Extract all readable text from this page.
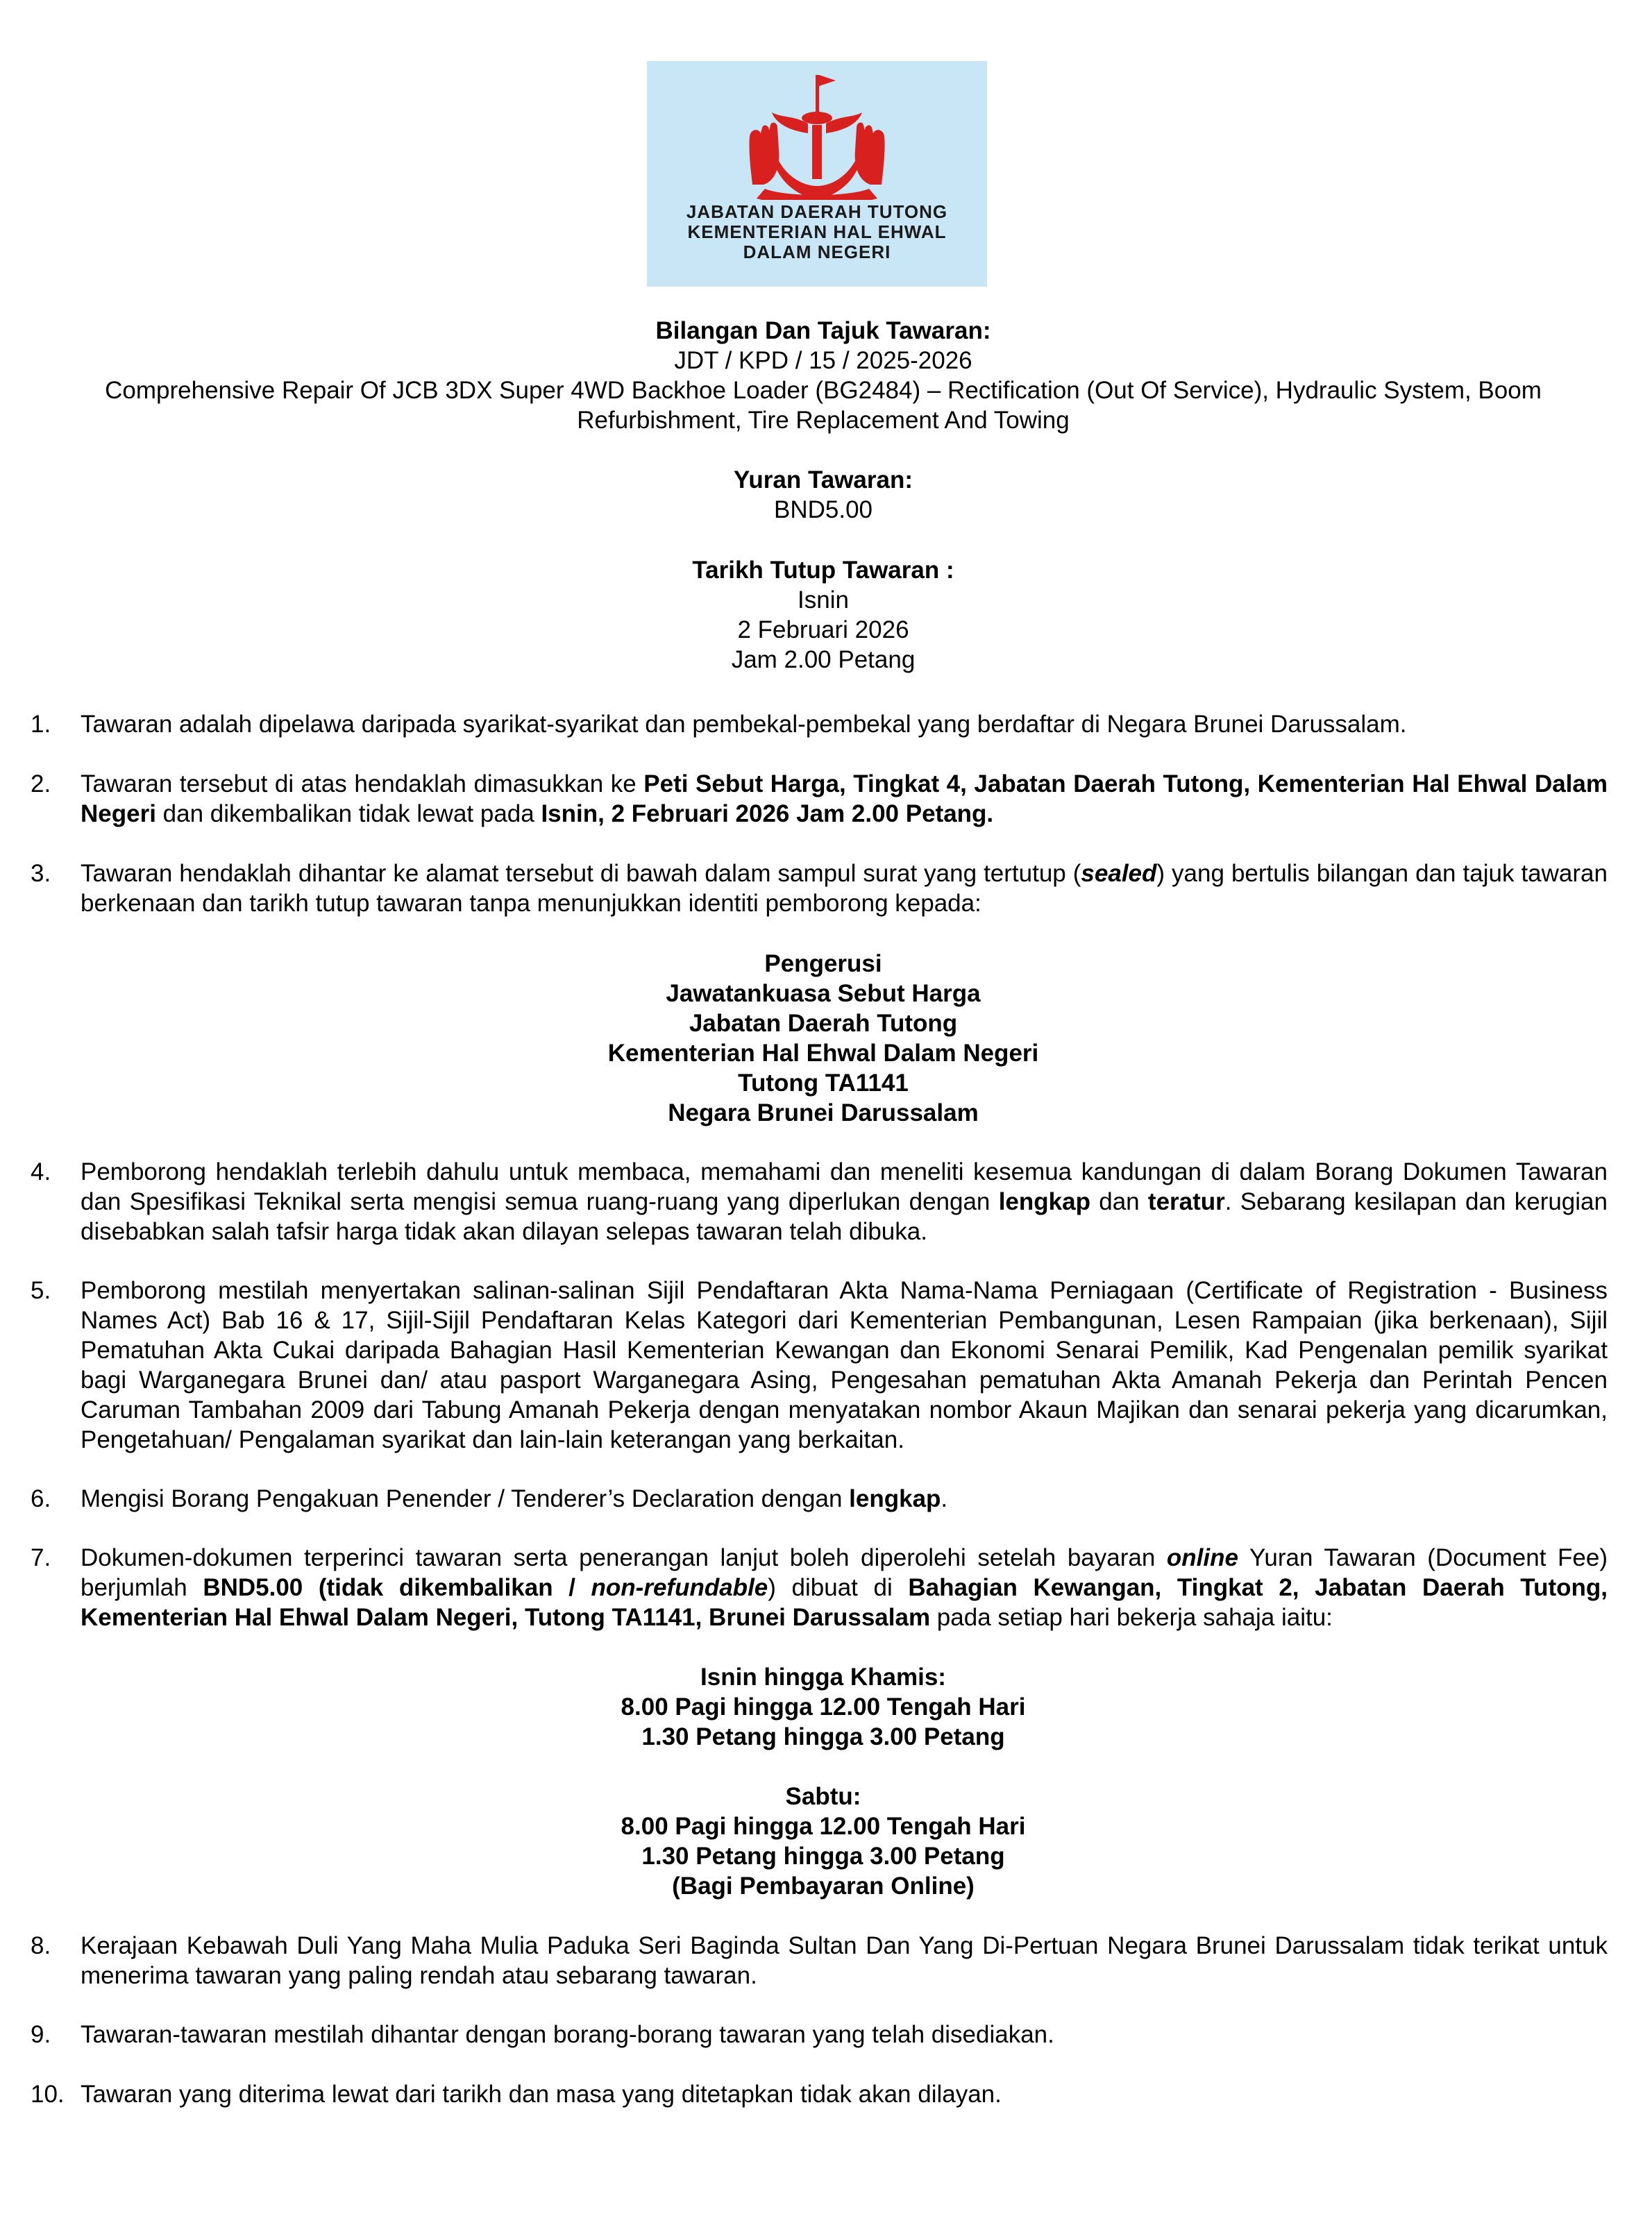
JABATAN DAERAH TUTONG
KEMENTERIAN HAL EHWAL
DALAM NEGERI
Bilangan Dan Tajuk Tawaran:
JDT / KPD / 15 / 2025-2026
Comprehensive Repair Of JCB 3DX Super 4WD Backhoe Loader (BG2484) – Rectification (Out Of Service), Hydraulic System, Boom
Refurbishment, Tire Replacement And Towing
Yuran Tawaran:
BND5.00
Tarikh Tutup Tawaran :
Isnin
2 Februari 2026
Jam 2.00 Petang
1.	Tawaran adalah dipelawa daripada syarikat-syarikat dan pembekal-pembekal yang berdaftar di Negara Brunei Darussalam.
2.	Tawaran tersebut di atas hendaklah dimasukkan ke Peti Sebut Harga, Tingkat 4, Jabatan Daerah Tutong, Kementerian Hal Ehwal Dalam Negeri dan dikembalikan tidak lewat pada Isnin, 2 Februari 2026 Jam 2.00 Petang.
3.	Tawaran hendaklah dihantar ke alamat tersebut di bawah dalam sampul surat yang tertutup (sealed) yang bertulis bilangan dan tajuk tawaran berkenaan dan tarikh tutup tawaran tanpa menunjukkan identiti pemborong kepada:
Pengerusi
Jawatankuasa Sebut Harga
Jabatan Daerah Tutong
Kementerian Hal Ehwal Dalam Negeri
Tutong TA1141
Negara Brunei Darussalam
4.	Pemborong hendaklah terlebih dahulu untuk membaca, memahami dan meneliti kesemua kandungan di dalam Borang Dokumen Tawaran dan Spesifikasi Teknikal serta mengisi semua ruang-ruang yang diperlukan dengan lengkap dan teratur. Sebarang kesilapan dan kerugian disebabkan salah tafsir harga tidak akan dilayan selepas tawaran telah dibuka.
5.	Pemborong mestilah menyertakan salinan-salinan Sijil Pendaftaran Akta Nama-Nama Perniagaan (Certificate of Registration - Business Names Act) Bab 16 & 17, Sijil-Sijil Pendaftaran Kelas Kategori dari Kementerian Pembangunan, Lesen Rampaian (jika berkenaan), Sijil Pematuhan Akta Cukai daripada Bahagian Hasil Kementerian Kewangan dan Ekonomi Senarai Pemilik, Kad Pengenalan pemilik syarikat bagi Warganegara Brunei dan/ atau pasport Warganegara Asing, Pengesahan pematuhan Akta Amanah Pekerja dan Perintah Pencen Caruman Tambahan 2009 dari Tabung Amanah Pekerja dengan menyatakan nombor Akaun Majikan dan senarai pekerja yang dicarumkan, Pengetahuan/ Pengalaman syarikat dan lain-lain keterangan yang berkaitan.
6.	Mengisi Borang Pengakuan Penender / Tenderer’s Declaration dengan lengkap.
7.	Dokumen-dokumen terperinci tawaran serta penerangan lanjut boleh diperolehi setelah bayaran online Yuran Tawaran (Document Fee) berjumlah BND5.00 (tidak dikembalikan / non-refundable) dibuat di Bahagian Kewangan, Tingkat 2, Jabatan Daerah Tutong, Kementerian Hal Ehwal Dalam Negeri, Tutong TA1141, Brunei Darussalam pada setiap hari bekerja sahaja iaitu:
Isnin hingga Khamis:
8.00 Pagi hingga 12.00 Tengah Hari
1.30 Petang hingga 3.00 Petang
Sabtu:
8.00 Pagi hingga 12.00 Tengah Hari
1.30 Petang hingga 3.00 Petang
(Bagi Pembayaran Online)
8.	Kerajaan Kebawah Duli Yang Maha Mulia Paduka Seri Baginda Sultan Dan Yang Di-Pertuan Negara Brunei Darussalam tidak terikat untuk menerima tawaran yang paling rendah atau sebarang tawaran.
9.	Tawaran-tawaran mestilah dihantar dengan borang-borang tawaran yang telah disediakan.
10. Tawaran yang diterima lewat dari tarikh dan masa yang ditetapkan tidak akan dilayan.
